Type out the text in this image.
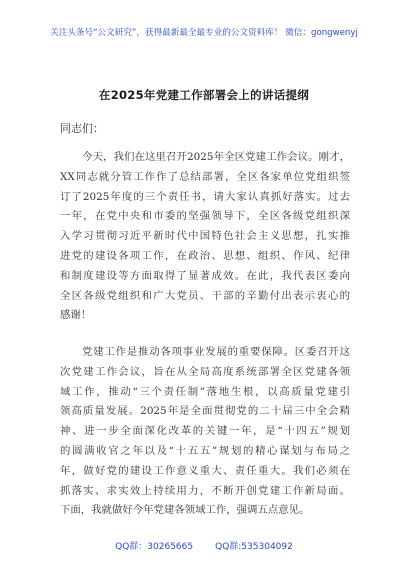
关注头条号“公文研究”，获得最新最全最专业的公文资料库！ 微信：gongwenyj
在2025年党建工作部署会上的讲话提纲
同志们：
今天，我们在这里召开2025年全区党建工作会议。刚才，
XX同志就分管工作作了总结部署，全区各家单位党组织签
订了2025年度的三个责任书，请大家认真抓好落实。过去
一年，在党中央和市委的坚强领导下，全区各级党组织深
入学习贯彻习近平新时代中国特色社会主义思想，扎实推
进党的建设各项工作，在政治、思想、组织、作风、纪律
和制度建设等方面取得了显著成效。在此，我代表区委向
全区各级党组织和广大党员、干部的辛勤付出表示衷心的
感谢！
党建工作是推动各项事业发展的重要保障。区委召开这
次党建工作会议，旨在从全局高度系统部署全区党建各领
域工作，推动“三个责任制”落地生根，以高质量党建引
领高质量发展。2025年是全面贯彻党的二十届三中全会精
神、进一步全面深化改革的关键一年，是“十四五”规划
的圆满收官之年以及“十五五”规划的精心谋划与布局之
年，做好党的建设工作意义重大、责任重大。我们必须在
抓落实、求实效上持续用力，不断开创党建工作新局面。
下面，我就做好今年党建各领域工作，强调五点意见。
QQ群：30265665 QQ群:535304092
